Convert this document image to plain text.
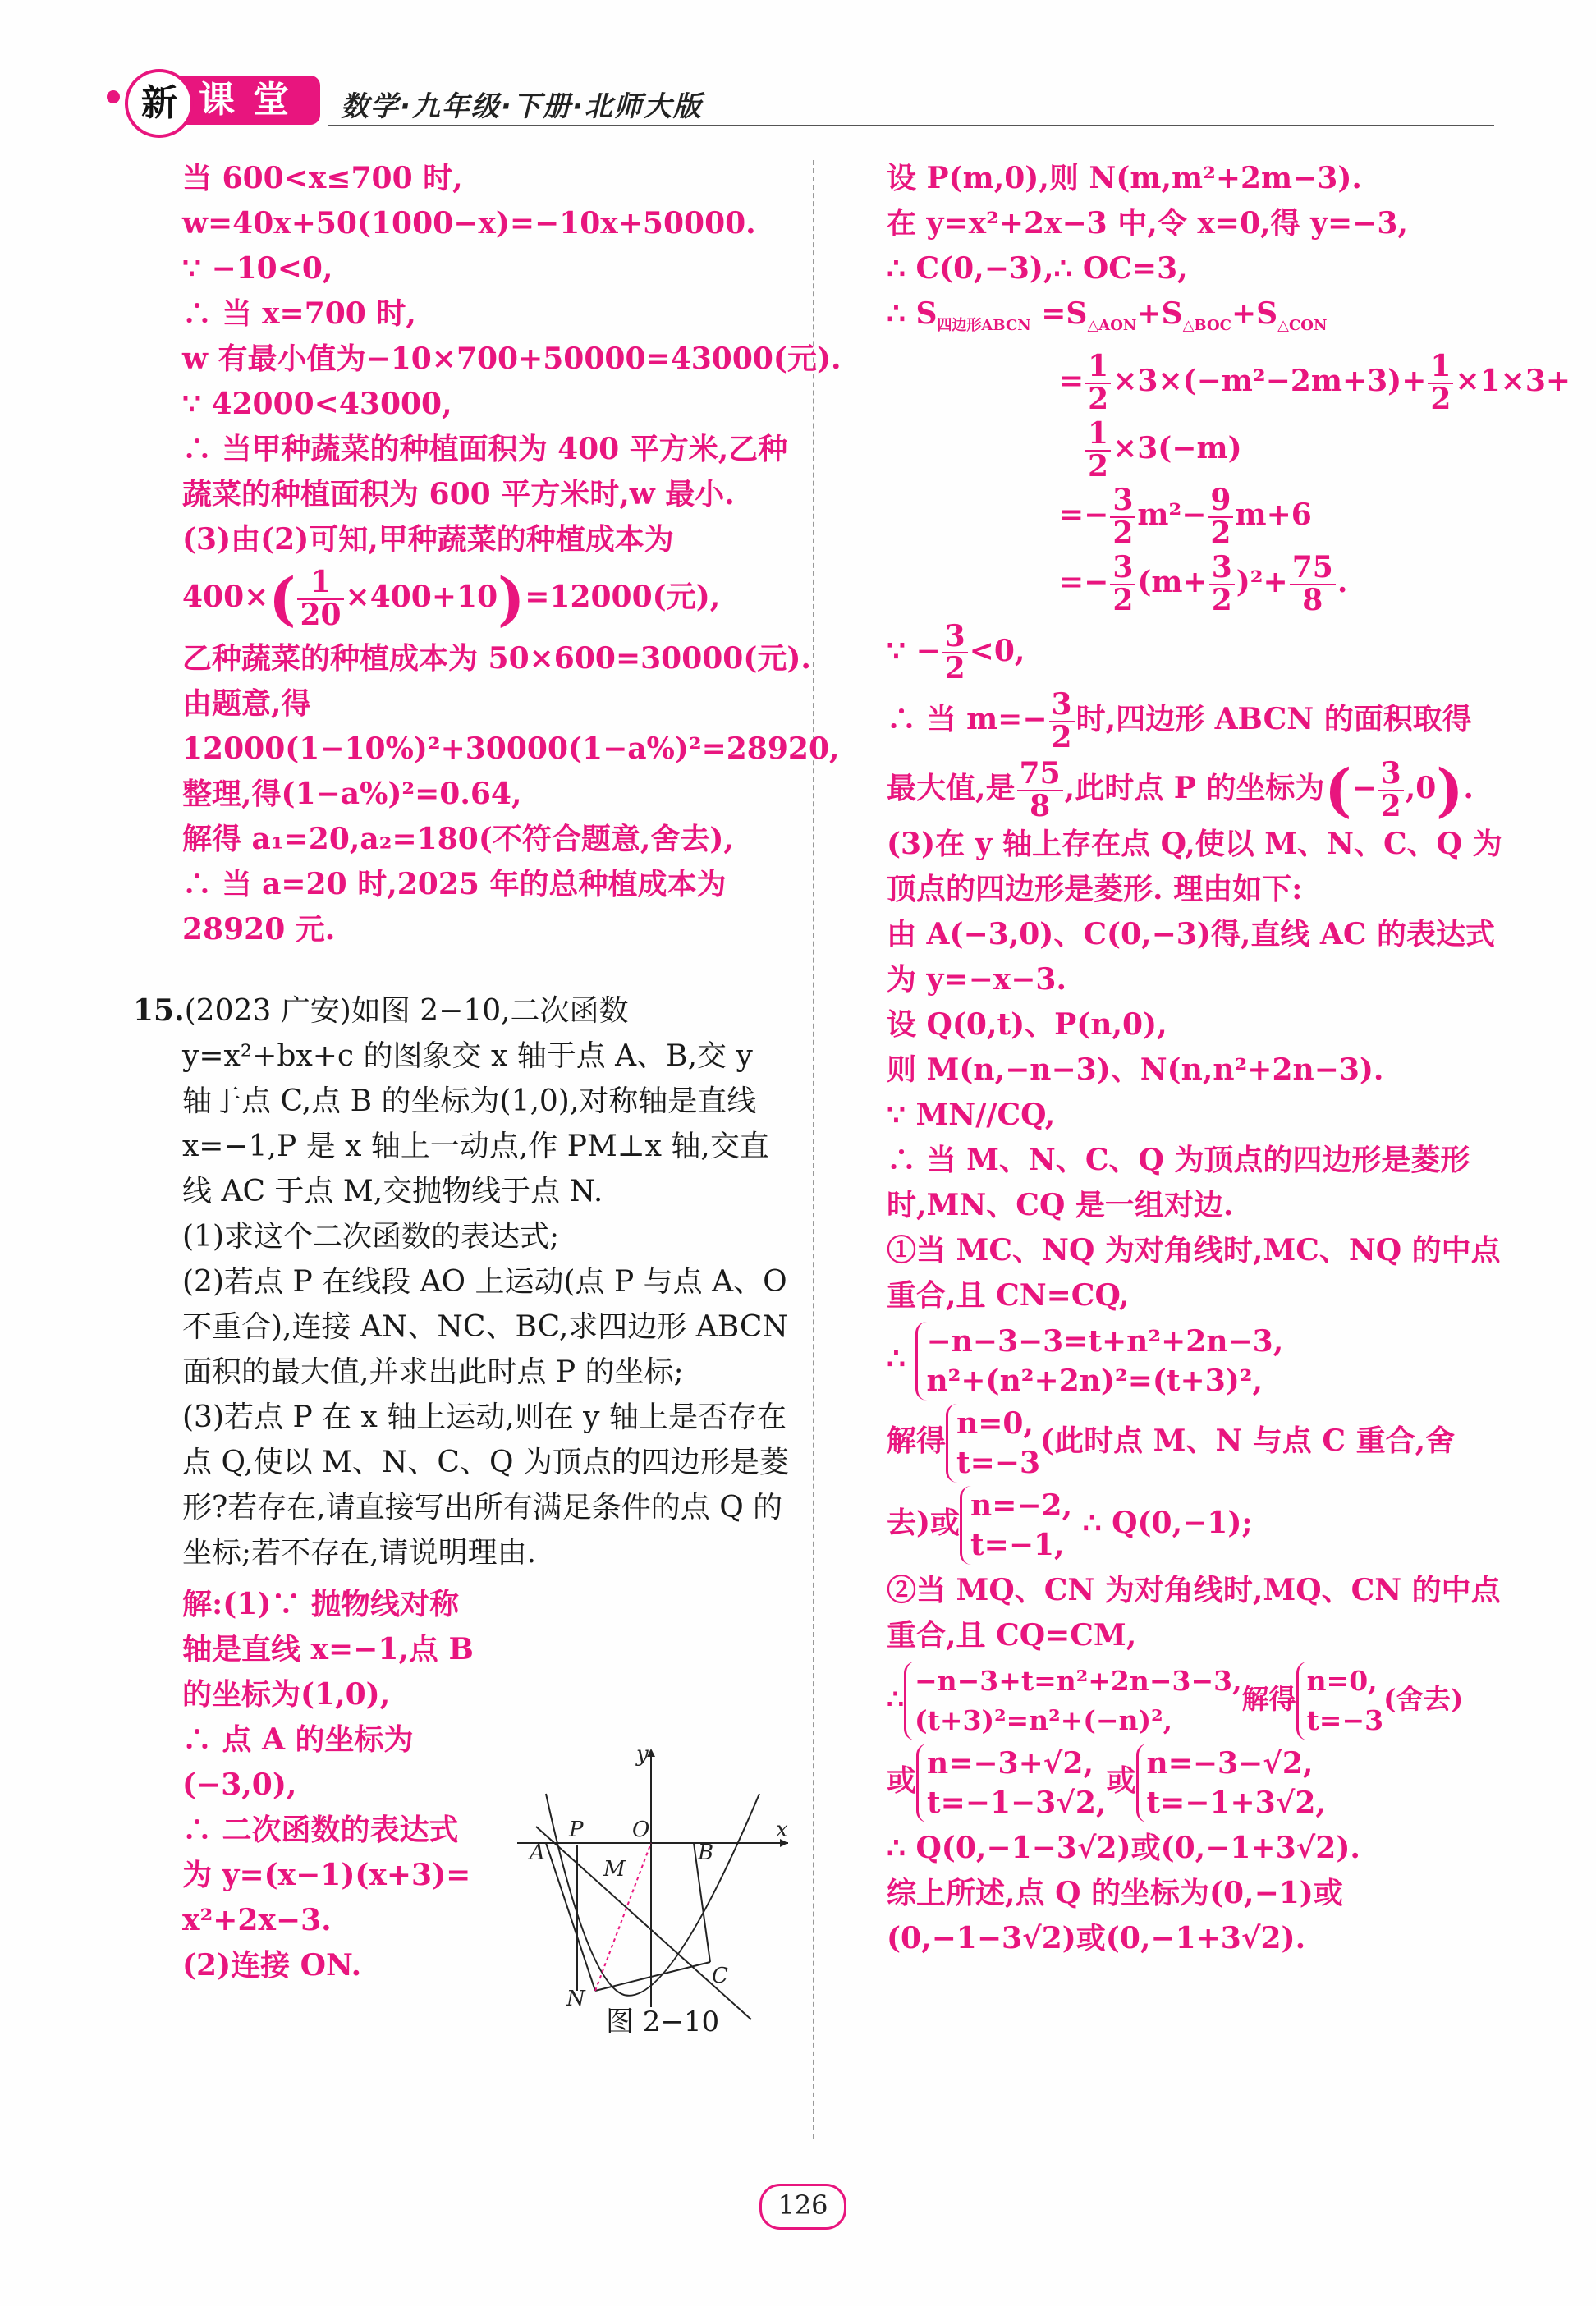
新 课 堂 数学·九年级·下册·北师大版
当 600<x≤700 时,
w=40x+50(1000−x)=−10x+50000.
∵ −10<0,
∴ 当 x=700 时,
w 有最小值为−10×700+50000=43000(元).
∵ 42000<43000,
∴ 当甲种蔬菜的种植面积为 400 平方米,乙种蔬菜的种植面积为 600 平方米时,w 最小.
(3)由(2)可知,甲种蔬菜的种植成本为
$400\times( \frac{1}{20} \times 400+10)=12000$(元),
乙种蔬菜的种植成本为 50×600=30000(元).
由题意,得
12000(1−10%)²+30000(1−a%)²=28920,
整理,得(1−a%)²=0.64,
解得 a₁=20,a₂=180(不符合题意,舍去),
∴ 当 a=20 时,2025 年的总种植成本为 28920 元.
15.(2023 广安)如图 2−10,二次函数 y=x²+bx+c 的图象交 x 轴于点 A、B,交 y 轴于点 C,点 B 的坐标为(1,0),对称轴是直线 x=−1,P 是 x 轴上一动点,作 PM⊥x 轴,交直线 AC 于点 M,交抛物线于点 N.
(1)求这个二次函数的表达式;
(2)若点 P 在线段 AO 上运动(点 P 与点 A、O 不重合),连接 AN、NC、BC,求四边形 ABCN 面积的最大值,并求出此时点 P 的坐标;
(3)若点 P 在 x 轴上运动,则在 y 轴上是否存在点 Q,使以 M、N、C、Q 为顶点的四边形是菱形?若存在,请直接写出所有满足条件的点 Q 的坐标;若不存在,请说明理由.
解:(1)∵ 抛物线对称
轴是直线 x=−1,点 B
的坐标为(1,0),
∴ 点 A 的坐标为
(−3,0),
∴ 二次函数的表达式
为 y=(x−1)(x+3)=
x²+2x−3.
(2)连接 ON.
y
x
P O
A	B
M
N
C
图 2−10
设 P(m,0),则 N(m,m²+2m−3).
在 y=x²+2x−3 中,令 x=0,得 y=−3,
∴ C(0,−3),∴ OC=3,
∴ $S_{四边形ABCN} =S_{\triangle AON}+S_{\triangle BOC}+S_{\triangle CON}$
= $\frac{1}{2} \times 3\times(-m^2-2m+3)+ \frac{1}{2} \times 1\times 3+$
$\frac{1}{2} \times 3(-m)$
=− $\frac{3}{2} m^2- \frac{9}{2} m+6$
=− $\frac{3}{2} (m+ \frac{3}{2} )^2+ \frac{75}{8}$ .
∵ − $\frac{3}{2} <0$,
∴ 当 $m=- \frac{3}{2}$ 时,四边形 ABCN 的面积取得
最大值,是 $\frac{75}{8}$ ,此时点 P 的坐标为(− $\frac{3}{2} ,0$).
(3)在 y 轴上存在点 Q,使以 M、N、C、Q 为顶点的四边形是菱形. 理由如下:
由 A(−3,0)、C(0,−3)得,直线 AC 的表达式为 y=−x−3.
设 Q(0,t)、P(n,0),
则 M(n,−n−3)、N(n,n²+2n−3).
∵ MN//CQ,
∴ 当 M、N、C、Q 为顶点的四边形是菱形时,MN、CQ 是一组对边.
①当 MC、NQ 为对角线时,MC、NQ 的中点重合,且 CN=CQ,
∴ −n−3−3=t+n²+2n−3,
n²+(n²+2n)²=(t+3)²,
解得 n=0,
t=−3
(此时点 M、N 与点 C 重合,舍
去)或 n=−2,
t=−1,
∴ Q(0,−1);
②当 MQ、CN 为对角线时,MQ、CN 的中点重合,且 CQ=CM,
∴
−n−3+t=n²+2n−3−3,
(t+3)²=n²+(−n)²,
解得
n=0,
t=−3
(舍去)
或 n=−3+√2,
t=−1−3√2,
或 n=−3−√2,
t=−1+3√2,
∴ Q(0,−1−3√2)或(0,−1+3√2).
综上所述,点 Q 的坐标为(0,−1)或(0,−1−3√2)或(0,−1+3√2).
126
